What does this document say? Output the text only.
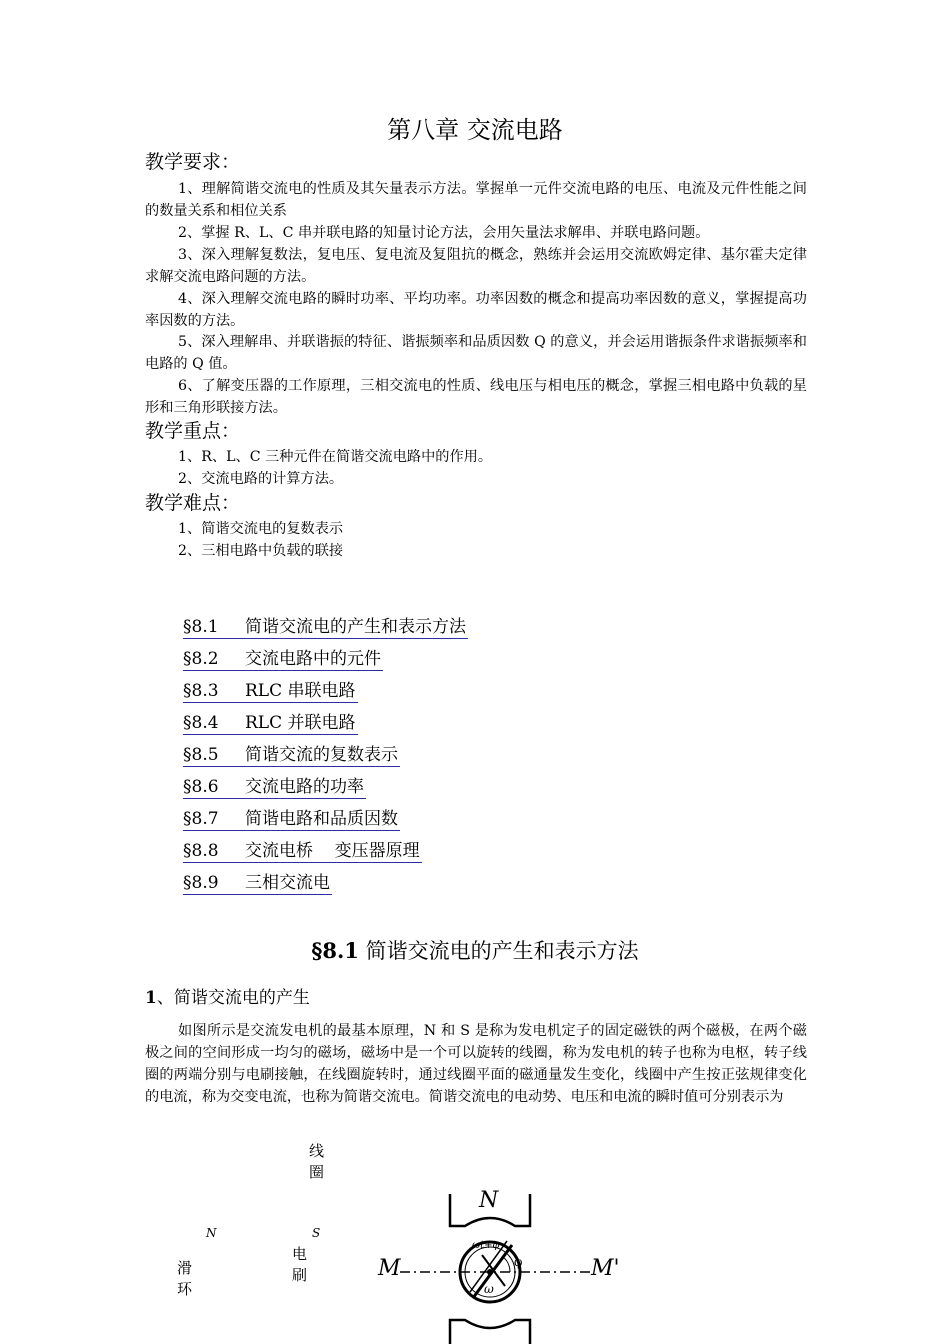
第八章 交流电路
教学要求：
1、理解简谐交流电的性质及其矢量表示方法。掌握单一元件交流电路的电压、电流及元件性能之间的数量关系和相位关系
2、掌握 R、L、C 串并联电路的知量讨论方法，会用矢量法求解串、并联电路问题。
3、深入理解复数法，复电压、复电流及复阻抗的概念，熟练并会运用交流欧姆定律、基尔霍夫定律求解交流电路问题的方法。
4、深入理解交流电路的瞬时功率、平均功率。功率因数的概念和提高功率因数的意义，掌握提高功率因数的方法。
5、深入理解串、并联谐振的特征、谐振频率和品质因数 Q 的意义，并会运用谐振条件求谐振频率和电路的 Q 值。
6、了解变压器的工作原理，三相交流电的性质、线电压与相电压的概念，掌握三相电路中负载的星形和三角形联接方法。
教学重点：
1、R、L、C 三种元件在简谐交流电路中的作用。
2、交流电路的计算方法。
教学难点：
1、简谐交流电的复数表示
2、三相电路中负载的联接
§8.1 简谐交流电的产生和表示方法
§8.2 交流电路中的元件
§8.3 RLC 串联电路
§8.4 RLC 并联电路
§8.5 简谐交流的复数表示
§8.6 交流电路的功率
§8.7 简谐电路和品质因数
§8.8 交流电桥    变压器原理
§8.9 三相交流电
§8.1 简谐交流电的产生和表示方法
1、简谐交流电的产生
如图所示是交流发电机的最基本原理，N 和 S 是称为发电机定子的固定磁铁的两个磁极，在两个磁极之间的空间形成一均匀的磁场，磁场中是一个可以旋转的线圈，称为发电机的转子也称为电枢，转子线圈的两端分别与电刷接触，在线圈旋转时，通过线圈平面的磁通量发生变化，线圈中产生按正弦规律变化的电流，称为交变电流，也称为简谐交流电。简谐交流电的电动势、电压和电流的瞬时值可分别表示为
线圈
N	S
电刷
滑环
N
M	M'
ωt+φ
φ
ω
